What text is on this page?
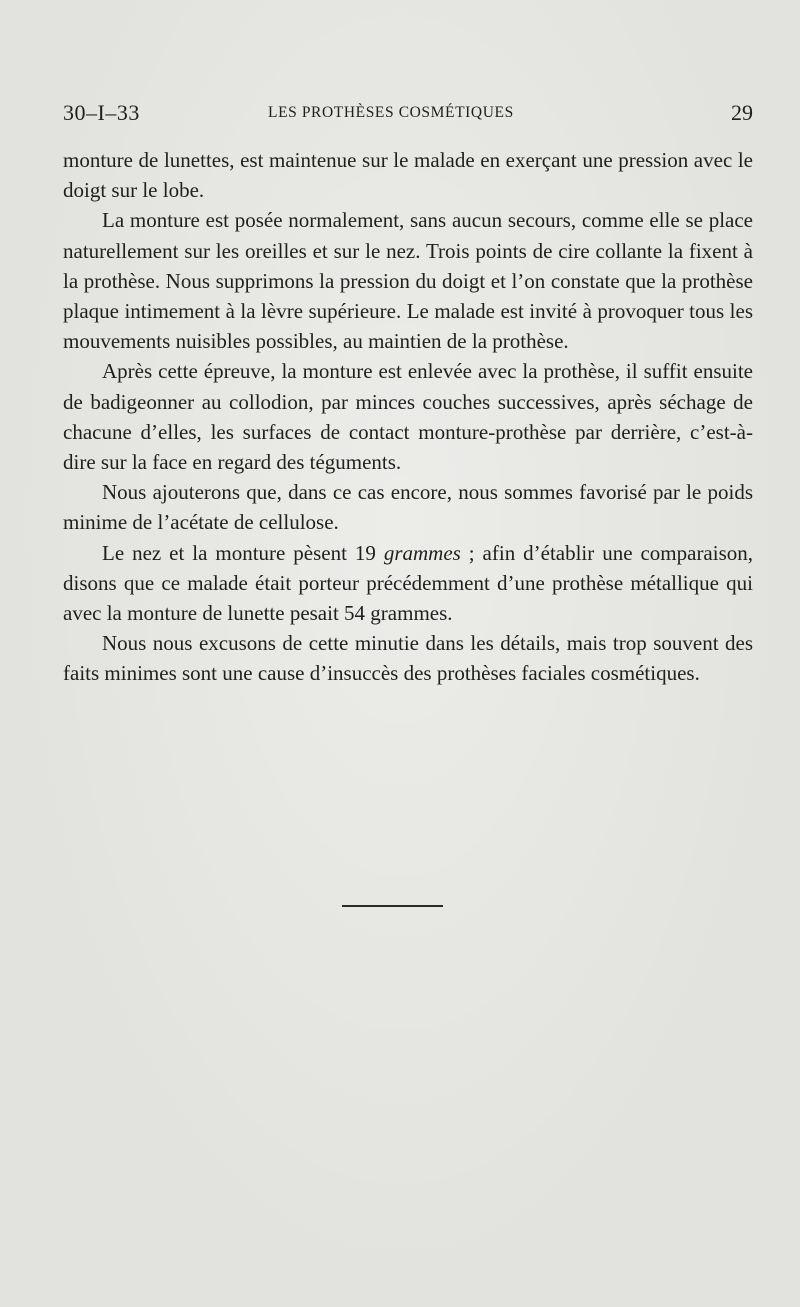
30–I–33	LES PROTHÈSES COSMÉTIQUES	29

monture de lunettes, est maintenue sur le malade en exerçant une pression avec le doigt sur le lobe.

La monture est posée normalement, sans aucun secours, comme elle se place naturellement sur les oreilles et sur le nez. Trois points de cire collante la fixent à la prothèse. Nous supprimons la pression du doigt et l’on constate que la prothèse plaque intimement à la lèvre supérieure. Le malade est invité à provoquer tous les mouvements nuisibles possibles, au maintien de la prothèse.

Après cette épreuve, la monture est enlevée avec la prothèse, il suffit ensuite de badigeonner au collodion, par minces couches successives, après séchage de chacune d’elles, les surfaces de contact monture-prothèse par derrière, c’est-à-dire sur la face en regard des téguments.

Nous ajouterons que, dans ce cas encore, nous sommes favorisé par le poids minime de l’acétate de cellulose.

Le nez et la monture pèsent 19 grammes ; afin d’établir une comparaison, disons que ce malade était porteur précédemment d’une prothèse métallique qui avec la monture de lunette pesait 54 grammes.

Nous nous excusons de cette minutie dans les détails, mais trop souvent des faits minimes sont une cause d’insuccès des prothèses faciales cosmétiques.
